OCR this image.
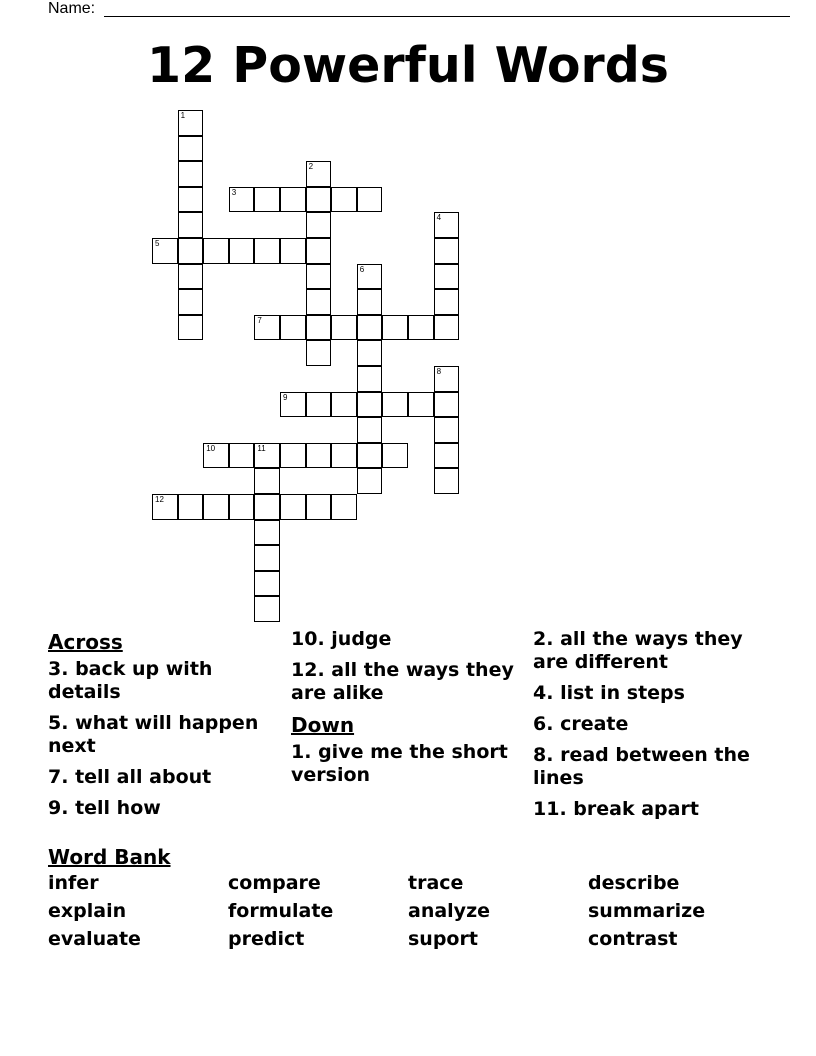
Name:
12 Powerful Words
1
2
3
4
5
6
7
8
9
10	11
12
Across
3. back up with details
5. what will happen next
7. tell all about
9. tell how
10. judge
12. all the ways they are alike
Down
1. give me the short version
2. all the ways they are different
4. list in steps
6. create
8. read between the lines
11. break apart
Word Bank
infer	compare	trace	describe
explain	formulate	analyze	summarize
evaluate	predict	suport	contrast
